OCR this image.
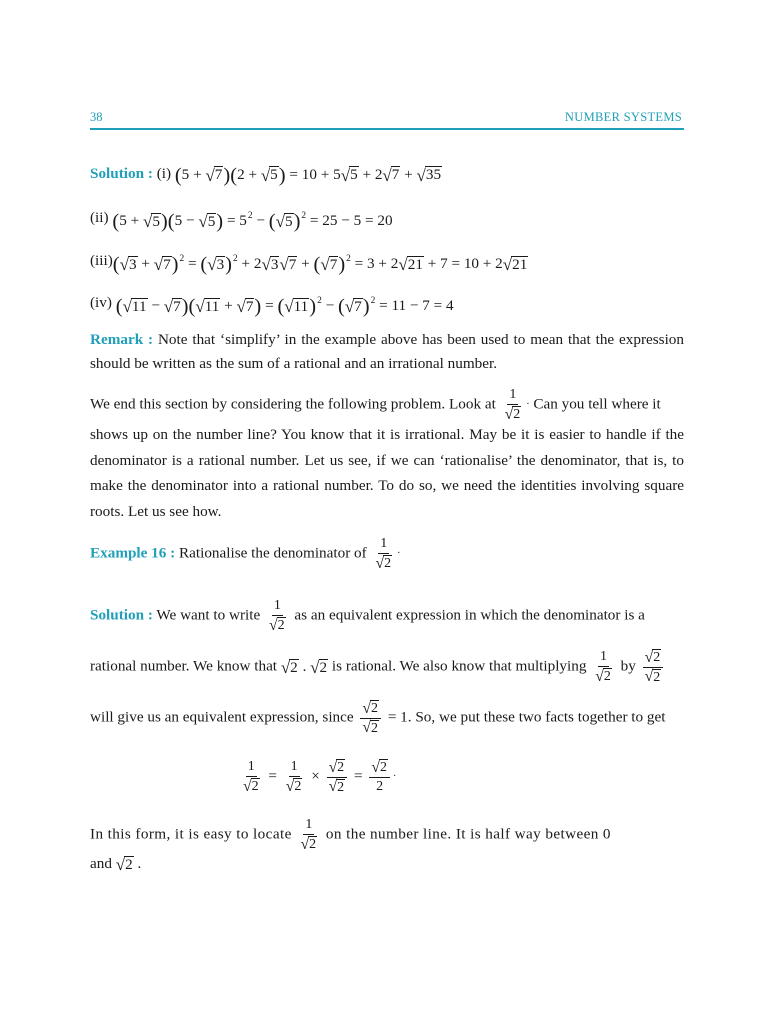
38	NUMBER SYSTEMS
Solution : (i) (5 + √ 7 )(2 + √ 5 ) = 10 + 5 √ 5 + 2 √ 7 + √ 35
(ii) (5 + √ 5 )(5 − √ 5 ) = $5^2$ − ( √ 5 )$^2$ = 25 − 5 = 20
(iii)( √ 3 + √ 7 )$^2$ = ( √ 3 )$^2$ + 2 √ 3 √ 7 + ( √ 7 )$^2$ = 3 + 2 √ 21 + 7 = 10 + 2 √ 21
(iv) ( √ 11 − √ 7 )( √ 11 + √ 7 ) = ( √ 11 )$^2$ − ( √ 7 )$^2$ = 11 − 7 = 4
Remark : Note that ‘simplify’ in the example above has been used to mean that the expression should be written as the sum of a rational and an irrational number.
We end this section by considering the following problem. Look at $\frac{1}{√ 2}$ · Can you tell where it
shows up on the number line? You know that it is irrational. May be it is easier to handle if the denominator is a rational number. Let us see, if we can ‘rationalise’ the denominator, that is, to make the denominator into a rational number. To do so, we need the identities involving square roots. Let us see how.
Example 16 : Rationalise the denominator of $\frac{1}{√ 2}$ ·
Solution : We want to write $\frac{1}{√ 2}$ as an equivalent expression in which the denominator is a
rational number. We know that √ 2 . √ 2 is rational. We also know that multiplying $\frac{1}{√ 2}$ by $\frac{√ 2}{√ 2}$
will give us an equivalent expression, since $\frac{√ 2}{√ 2} = 1$. So, we put these two facts together to get
$\frac{1}{√ 2} = \frac{1}{√ 2} \times \frac{√ 2}{√ 2} = \frac{√ 2}{2}$ ·
In this form, it is easy to locate $\frac{1}{√ 2}$ on the number line. It is half way between 0
and √ 2 .
